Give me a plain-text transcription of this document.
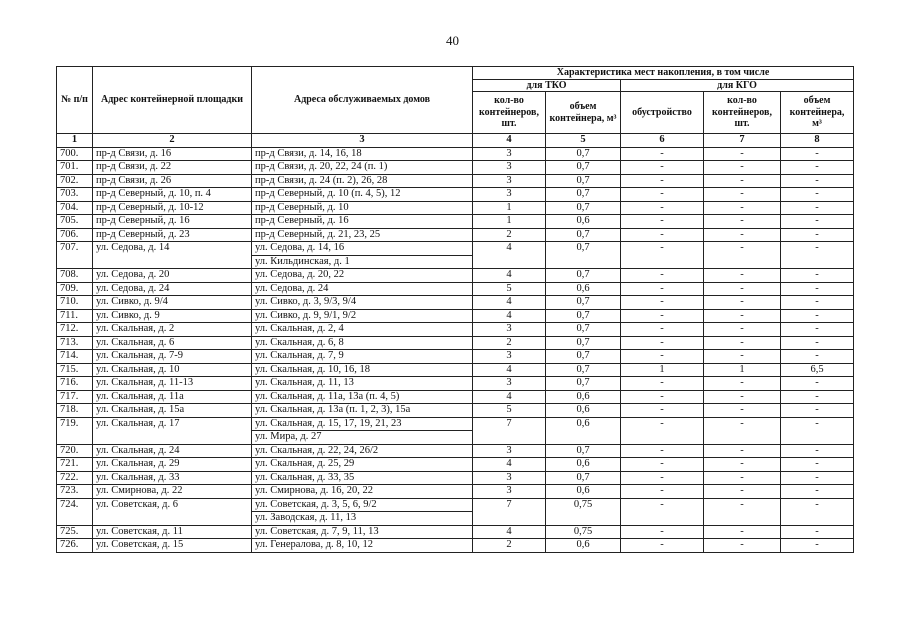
40
№ п/п	Адрес контейнерной площадки	Адреса обслуживаемых домов	Характеристика мест накопления, в том числе				
			для ТКО		для КГО		
			кол-во контейнеров, шт.	объем контейнера, м³	обустройство	кол-во контейнеров, шт.	объем контейнера, м³
1	2	3	4	5	6	7	8
700.	пр-д Связи, д. 16	пр-д Связи, д. 14, 16, 18	3	0,7	-	-	-
701.	пр-д Связи, д. 22	пр-д Связи, д. 20, 22, 24 (п. 1)	3	0,7	-	-	-
702.	пр-д Связи, д. 26	пр-д Связи, д. 24 (п. 2), 26, 28	3	0,7	-	-	-
703.	пр-д Северный, д. 10, п. 4	пр-д Северный, д. 10 (п. 4, 5), 12	3	0,7	-	-	-
704.	пр-д Северный, д. 10-12	пр-д Северный, д. 10	1	0,7	-	-	-
705.	пр-д Северный, д. 16	пр-д Северный, д. 16	1	0,6	-	-	-
706.	пр-д Северный, д. 23	пр-д Северный, д. 21, 23, 25	2	0,7	-	-	-
707.	ул. Седова, д. 14	ул. Седова, д. 14, 16
ул. Кильдинская, д. 1	4	0,7	-	-	-
708.	ул. Седова, д. 20	ул. Седова, д. 20, 22	4	0,7	-	-	-
709.	ул. Седова, д. 24	ул. Седова, д. 24	5	0,6	-	-	-
710.	ул. Сивко, д. 9/4	ул. Сивко, д. 3, 9/3, 9/4	4	0,7	-	-	-
711.	ул. Сивко, д. 9	ул. Сивко, д. 9, 9/1, 9/2	4	0,7	-	-	-
712.	ул. Скальная, д. 2	ул. Скальная, д. 2, 4	3	0,7	-	-	-
713.	ул. Скальная, д. 6	ул. Скальная, д. 6, 8	2	0,7	-	-	-
714.	ул. Скальная, д. 7-9	ул. Скальная, д. 7, 9	3	0,7	-	-	-
715.	ул. Скальная, д. 10	ул. Скальная, д. 10, 16, 18	4	0,7	1	1	6,5
716.	ул. Скальная, д. 11-13	ул. Скальная, д. 11, 13	3	0,7	-	-	-
717.	ул. Скальная, д. 11а	ул. Скальная, д. 11а, 13а (п. 4, 5)	4	0,6	-	-	-
718.	ул. Скальная, д. 15а	ул. Скальная, д. 13а (п. 1, 2, 3), 15а	5	0,6	-	-	-
719.	ул. Скальная, д. 17	ул. Скальная, д. 15, 17, 19, 21, 23
ул. Мира, д. 27	7	0,6	-	-	-
720.	ул. Скальная, д. 24	ул. Скальная, д. 22, 24, 26/2	3	0,7	-	-	-
721.	ул. Скальная, д. 29	ул. Скальная, д. 25, 29	4	0,6	-	-	-
722.	ул. Скальная, д. 33	ул. Скальная, д. 33, 35	3	0,7	-	-	-
723.	ул. Смирнова, д. 22	ул. Смирнова, д. 16, 20, 22	3	0,6	-	-	-
724.	ул. Советская, д. 6	ул. Советская, д. 3, 5, 6, 9/2
ул. Заводская, д. 11, 13	7	0,75	-	-	-
725.	ул. Советская, д. 11	ул. Советская, д. 7, 9, 11, 13	4	0,75	-	-	-
726.	ул. Советская, д. 15	ул. Генералова, д. 8, 10, 12	2	0,6	-	-	-
